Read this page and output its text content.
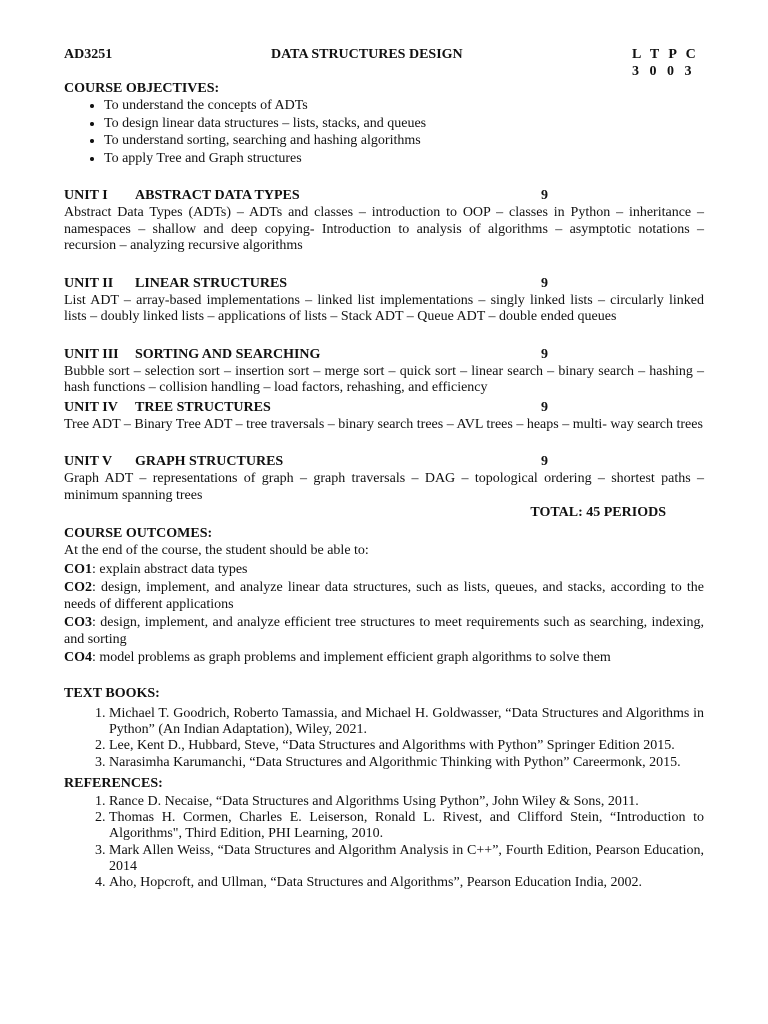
AD3251	DATA STRUCTURES DESIGN	L T P C
3 0 0 3
COURSE OBJECTIVES:
• To understand the concepts of ADTs
• To design linear data structures – lists, stacks, and queues
• To understand sorting, searching and hashing algorithms
• To apply Tree and Graph structures
UNIT I ABSTRACT DATA TYPES	9
Abstract Data Types (ADTs) – ADTs and classes – introduction to OOP – classes in Python – inheritance – namespaces – shallow and deep copying- Introduction to analysis of algorithms – asymptotic notations – recursion – analyzing recursive algorithms
UNIT II LINEAR STRUCTURES	9
List ADT – array-based implementations – linked list implementations – singly linked lists – circularly linked lists – doubly linked lists – applications of lists – Stack ADT – Queue ADT – double ended queues
UNIT III SORTING AND SEARCHING	9
Bubble sort – selection sort – insertion sort – merge sort – quick sort – linear search – binary search – hashing – hash functions – collision handling – load factors, rehashing, and efficiency
UNIT IV TREE STRUCTURES	9
Tree ADT – Binary Tree ADT – tree traversals – binary search trees – AVL trees – heaps – multi- way search trees
UNIT V GRAPH STRUCTURES	9
Graph ADT – representations of graph – graph traversals – DAG – topological ordering – shortest paths – minimum spanning trees
TOTAL: 45 PERIODS
COURSE OUTCOMES:
At the end of the course, the student should be able to:
CO1: explain abstract data types
CO2: design, implement, and analyze linear data structures, such as lists, queues, and stacks, according to the needs of different applications
CO3: design, implement, and analyze efficient tree structures to meet requirements such as searching, indexing, and sorting
CO4: model problems as graph problems and implement efficient graph algorithms to solve them
TEXT BOOKS:
1. Michael T. Goodrich, Roberto Tamassia, and Michael H. Goldwasser, “Data Structures and Algorithms in Python” (An Indian Adaptation), Wiley, 2021.
2. Lee, Kent D., Hubbard, Steve, “Data Structures and Algorithms with Python” Springer Edition 2015.
3. Narasimha Karumanchi, “Data Structures and Algorithmic Thinking with Python” Careermonk, 2015.
REFERENCES:
1. Rance D. Necaise, “Data Structures and Algorithms Using Python”, John Wiley & Sons, 2011.
2. Thomas H. Cormen, Charles E. Leiserson, Ronald L. Rivest, and Clifford Stein, “Introduction to Algorithms", Third Edition, PHI Learning, 2010.
3. Mark Allen Weiss, “Data Structures and Algorithm Analysis in C++”, Fourth Edition, Pearson Education, 2014
4. Aho, Hopcroft, and Ullman, “Data Structures and Algorithms”, Pearson Education India, 2002.
